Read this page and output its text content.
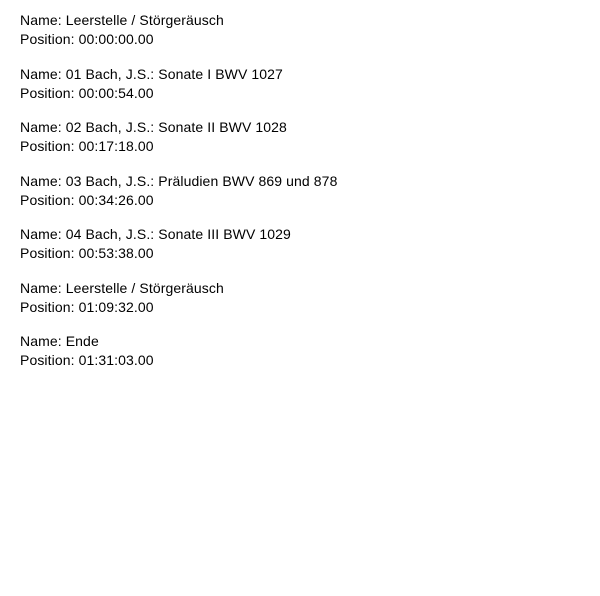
Name: Leerstelle / Störgeräusch
Position: 00:00:00.00
Name: 01 Bach, J.S.: Sonate I BWV 1027
Position: 00:00:54.00
Name: 02 Bach, J.S.: Sonate II BWV 1028
Position: 00:17:18.00
Name: 03 Bach, J.S.: Präludien BWV 869 und 878
Position: 00:34:26.00
Name: 04 Bach, J.S.: Sonate III BWV 1029
Position: 00:53:38.00
Name: Leerstelle / Störgeräusch
Position: 01:09:32.00
Name: Ende
Position: 01:31:03.00
